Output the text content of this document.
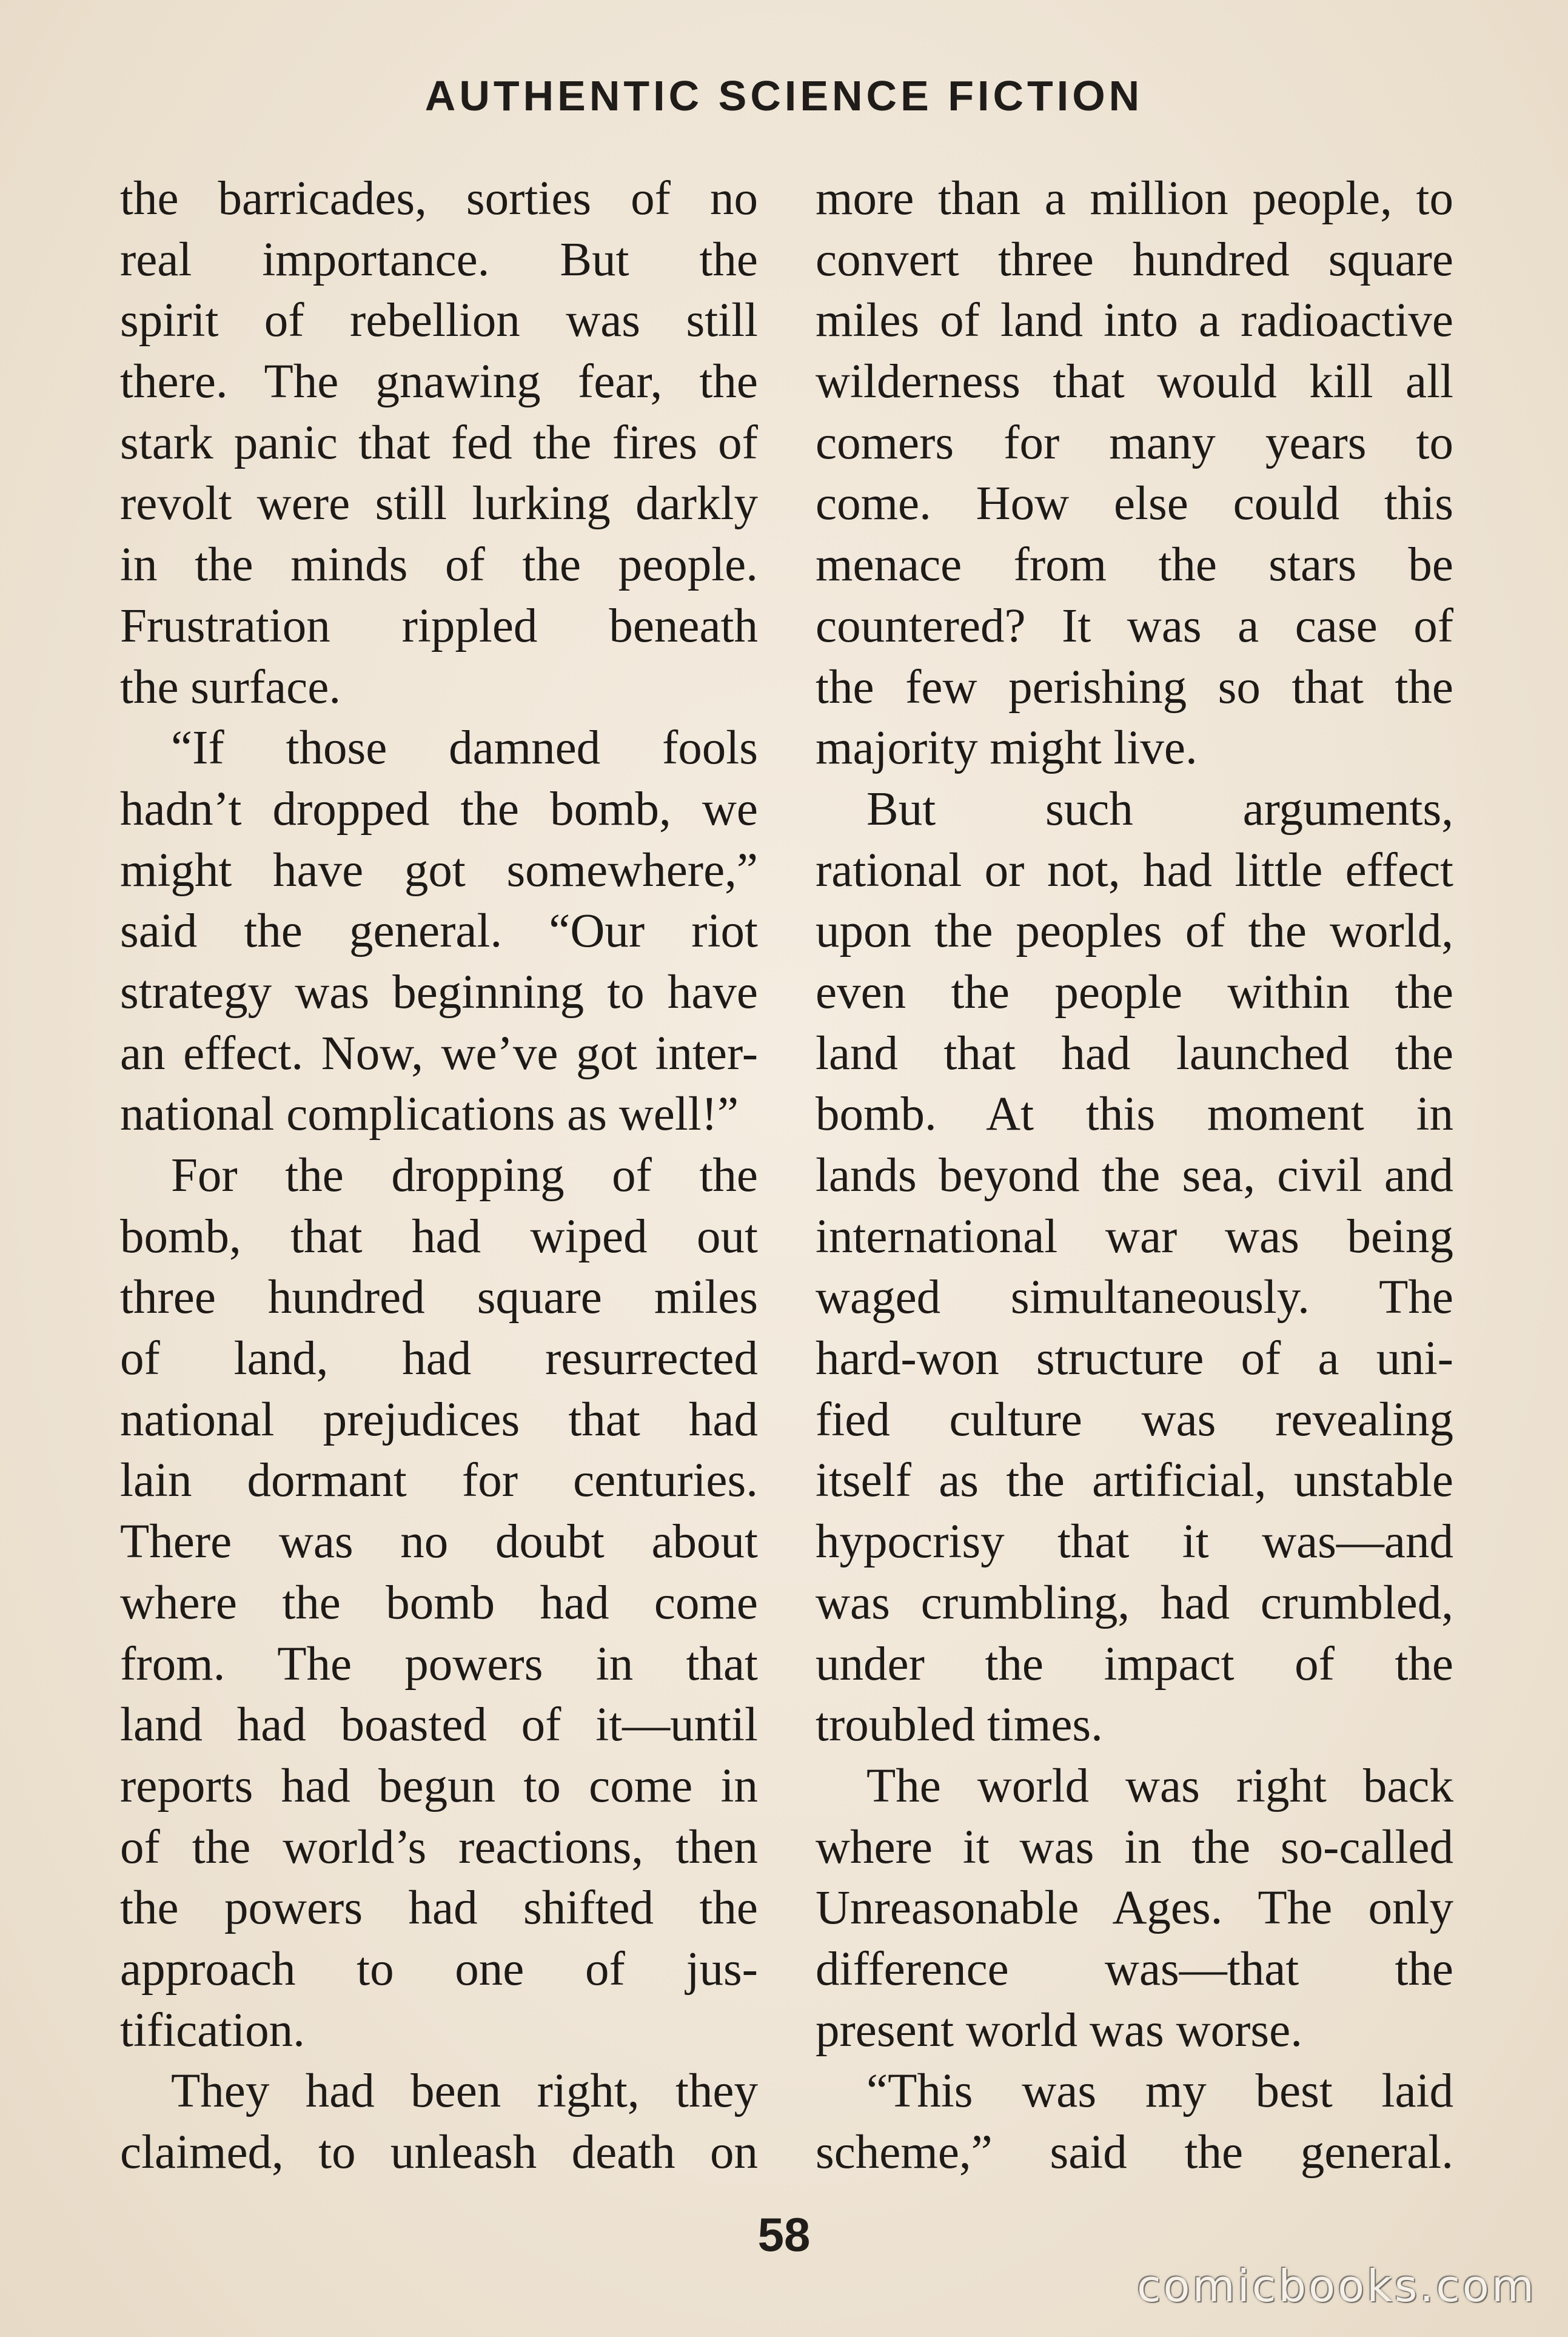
AUTHENTIC SCIENCE FICTION
the barricades, sorties of no
real importance. But the
spirit of rebellion was still
there. The gnawing fear, the
stark panic that fed the fires of
revolt were still lurking darkly
in the minds of the people.
Frustration rippled beneath
the surface.
“If those damned fools
hadn’t dropped the bomb, we
might have got somewhere,”
said the general. “Our riot
strategy was beginning to have
an effect. Now, we’ve got inter-
national complications as well!”
For the dropping of the
bomb, that had wiped out
three hundred square miles
of land, had resurrected
national prejudices that had
lain dormant for centuries.
There was no doubt about
where the bomb had come
from. The powers in that
land had boasted of it—until
reports had begun to come in
of the world’s reactions, then
the powers had shifted the
approach to one of jus-
tification.
They had been right, they
claimed, to unleash death on
more than a million people, to
convert three hundred square
miles of land into a radioactive
wilderness that would kill all
comers for many years to
come. How else could this
menace from the stars be
countered? It was a case of
the few perishing so that the
majority might live.
But such arguments,
rational or not, had little effect
upon the peoples of the world,
even the people within the
land that had launched the
bomb. At this moment in
lands beyond the sea, civil and
international war was being
waged simultaneously. The
hard-won structure of a uni-
fied culture was revealing
itself as the artificial, unstable
hypocrisy that it was—and
was crumbling, had crumbled,
under the impact of the
troubled times.
The world was right back
where it was in the so-called
Unreasonable Ages. The only
difference was—that the
present world was worse.
“This was my best laid
scheme,” said the general.
58
comicbooks.com
